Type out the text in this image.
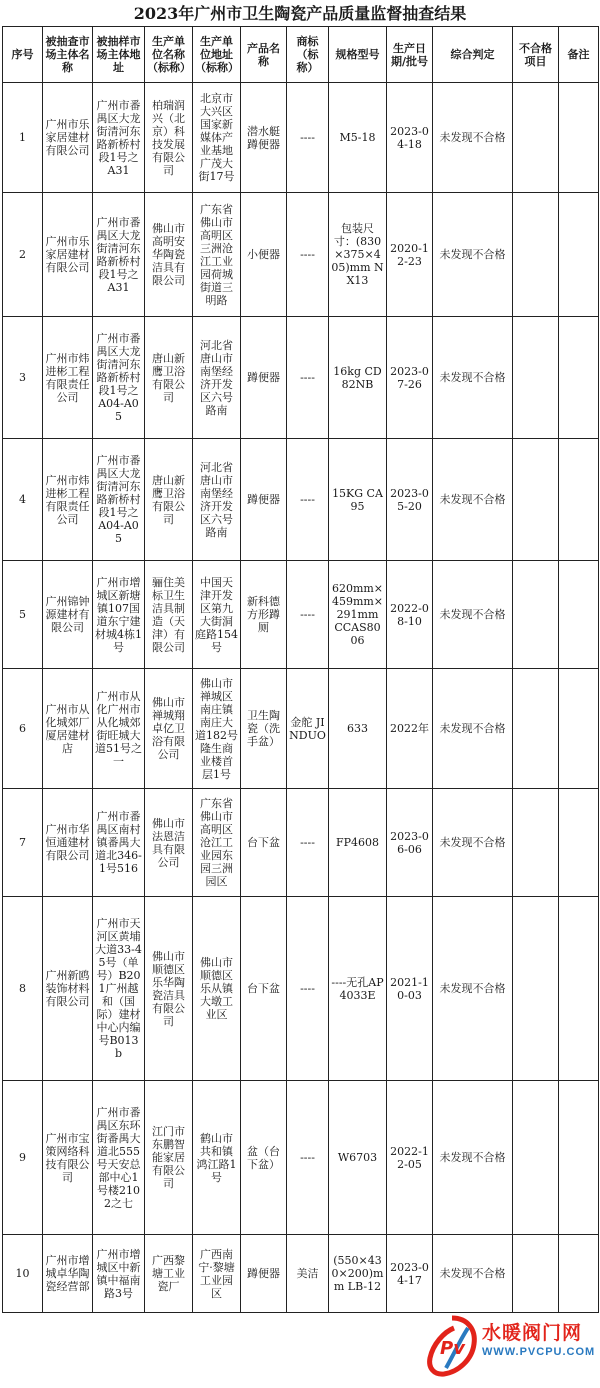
2023年广州市卫生陶瓷产品质量监督抽查结果
序号	被抽查市场主体名称	被抽样市场主体地址	生产单位名称（标称）	生产单位地址（标称）	产品名称	商标（标称）	规格型号	生产日期/批号	综合判定	不合格项目	备注
1	广州市乐家居建材有限公司	广州市番禺区大龙街清河东路新桥村段1号之A31	柏瑞润兴（北京）科技发展有限公司	北京市大兴区国家新媒体产业基地广茂大街17号	潜水艇蹲便器	----	M5-18	2023-04-18	未发现不合格		
2	广州市乐家居建材有限公司	广州市番禺区大龙街清河东路新桥村段1号之A31	佛山市高明安华陶瓷洁具有限公司	广东省佛山市高明区三洲沧江工业园荷城街道三明路	小便器	----	包装尺寸：(830×375×405)mm NX13	2020-12-23	未发现不合格		
3	广州市炜进彬工程有限责任公司	广州市番禺区大龙街清河东路新桥村段1号之A04-A05	唐山新鹰卫浴有限公司	河北省唐山市南堡经济开发区六号路南	蹲便器	----	16kg CD82NB	2023-07-26	未发现不合格		
4	广州市炜进彬工程有限责任公司	广州市番禺区大龙街清河东路新桥村段1号之A04-A05	唐山新鹰卫浴有限公司	河北省唐山市南堡经济开发区六号路南	蹲便器	----	15KG CA95	2023-05-20	未发现不合格		
5	广州锦钟源建材有限公司	广州市增城区新塘镇107国道东宁建材城4栋1号	骊住美标卫生洁具制造（天津）有限公司	中国天津开发区第九大街洞庭路154号	新科德方形蹲厕	----	620mm×459mm×291mm CCAS8006	2022-08-10	未发现不合格		
6	广州市从化城郊厂厦居建材店	广州市从化广州市从化城郊街旺城大道51号之一	佛山市禅城翔卓亿卫浴有限公司	佛山市禅城区南庄镇南庄大道182号隆生商业楼首层1号	卫生陶瓷（洗手盆）	金舵 JINDUO	633	2022年	未发现不合格		
7	广州市华恒通建材有限公司	广州市番禺区南村镇番禺大道北346-1号516	佛山市法恩洁具有限公司	广东省佛山市高明区沧江工业园东园三洲园区	台下盆	----	FP4608	2023-06-06	未发现不合格		
8	广州新鸥装饰材料有限公司	广州市天河区黄埔大道33-45号（单号）B201广州越和（国际）建材中心内编号B013b	佛山市顺德区乐华陶瓷洁具有限公司	佛山市顺德区乐从镇大墩工业区	台下盆	----	----无孔AP4033E	2021-10-03	未发现不合格		
9	广州市宝策网络科技有限公司	广州市番禺区东环街番禺大道北555号天安总部中心1号楼2102之七	江门市东鹏智能家居有限公司	鹤山市共和镇鸿江路1号	盆（台下盆）	----	W6703	2022-12-05	未发现不合格		
10	广州市增城卓华陶瓷经营部	广州市增城区中新镇中福南路3号	广西黎塘工业瓷厂	广西南宁·黎塘工业园区	蹲便器	美洁	(550×430×200)mm LB-12	2023-04-17	未发现不合格		
Pv
水暖阀门网
WWW.PVCPU.COM
